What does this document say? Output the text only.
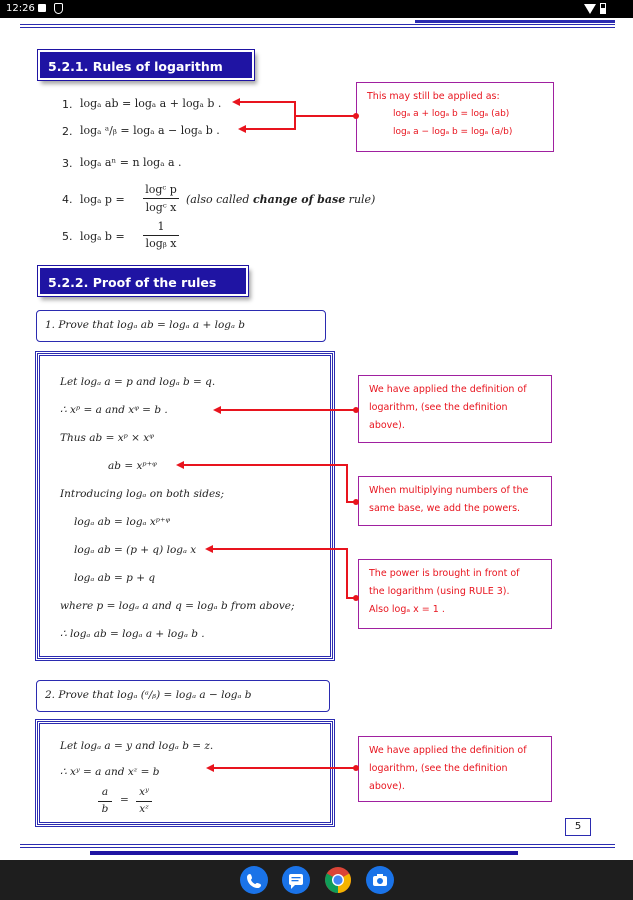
12:26
5.2.1. Rules of logarithm
1. logₐ ab = logₐ a + logₐ b .
2. logₐ ᵃ/ᵦ = logₐ a − logₐ b .
3. logₐ aⁿ = n logₐ a .
4. logₐ p =
logᶜ p
logᶜ x
(also called change of base rule)
5. logₐ b =
1
logᵦ x
This may still be applied as:
logₐ a + logₐ b = logₐ (ab)
logₐ a − logₐ b = logₐ (a/b)
5.2.2. Proof of the rules
1. Prove that logₐ ab = logₐ a + logₐ b
Let logₐ a = p and logₐ b = q.
∴ xᵖ = a and xᵠ = b .
Thus ab = xᵖ × xᵠ
ab = xᵖ⁺ᵠ
Introducing logₐ on both sides;
logₐ ab = logₐ xᵖ⁺ᵠ
logₐ ab = (p + q) logₐ x
logₐ ab = p + q
where p = logₐ a and q = logₐ b from above;
∴ logₐ ab = logₐ a + logₐ b .
We have applied the definition of
logarithm, (see the definition
above).
When multiplying numbers of the
same base, we add the powers.
The power is brought in front of
the logarithm (using RULE 3).
Also logₐ x = 1 .
2. Prove that logₐ (ᵃ/ᵦ) = logₐ a − logₐ b
Let logₐ a = y and logₐ b = z.
∴ xʸ = a and xᶻ = b
a
b
=
xʸ
xᶻ
We have applied the definition of
logarithm, (see the definition
above).
5
